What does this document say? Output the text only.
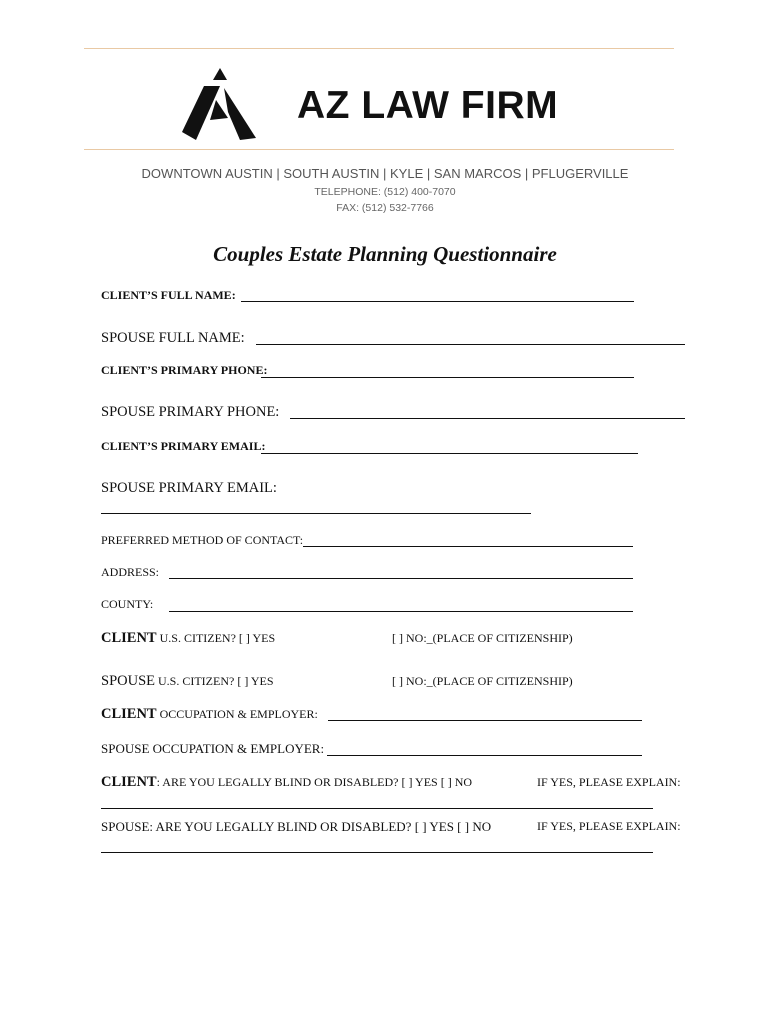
AZ LAW FIRM
DOWNTOWN AUSTIN | SOUTH AUSTIN | KYLE | SAN MARCOS | PFLUGERVILLE
TELEPHONE: (512) 400-7070
FAX: (512) 532-7766
Couples Estate Planning Questionnaire
CLIENT’S FULL NAME:
SPOUSE FULL NAME:
CLIENT’S PRIMARY PHONE:
SPOUSE PRIMARY PHONE:
CLIENT’S PRIMARY EMAIL:
SPOUSE PRIMARY EMAIL:
PREFERRED METHOD OF CONTACT:
ADDRESS:
COUNTY:
CLIENT U.S. CITIZEN? [ ] YES	[ ] NO:_(PLACE OF CITIZENSHIP)
SPOUSE U.S. CITIZEN? [ ] YES	[ ] NO:_(PLACE OF CITIZENSHIP)
CLIENT OCCUPATION & EMPLOYER:
SPOUSE OCCUPATION & EMPLOYER:
CLIENT: ARE YOU LEGALLY BLIND OR DISABLED? [ ] YES [ ] NO	IF YES, PLEASE EXPLAIN:
SPOUSE: ARE YOU LEGALLY BLIND OR DISABLED? [ ] YES [ ] NO	IF YES, PLEASE EXPLAIN:
